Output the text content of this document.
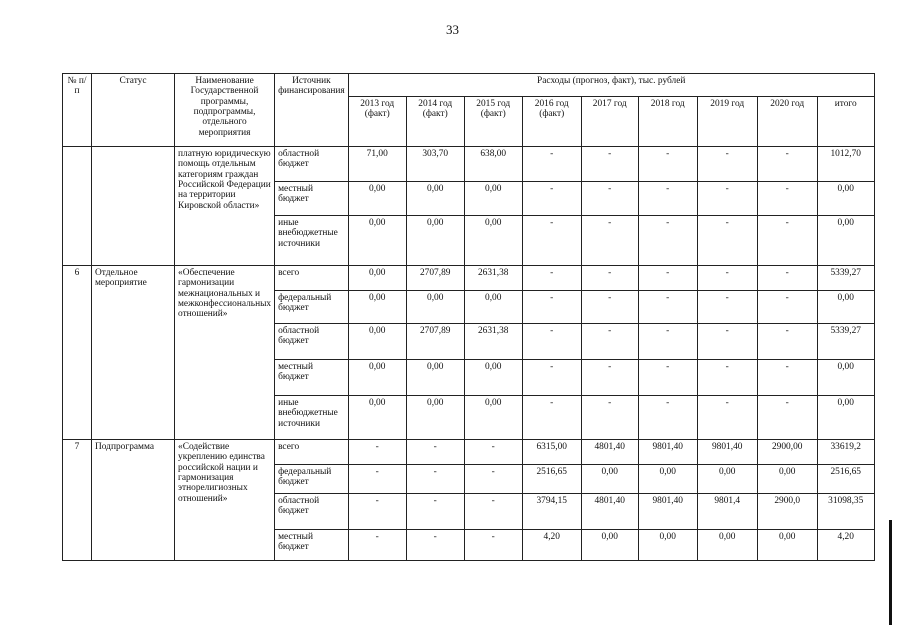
33
№ п/п	Статус	Наименование Государственной программы, подпрограммы, отдельного мероприятия	Источник финансирования	Расходы (прогноз, факт), тыс. рублей								
				2013 год (факт)	2014 год (факт)	2015 год (факт)	2016 год (факт)	2017 год	2018 год	2019 год	2020 год	итого
		платную юридическую помощь отдельным категориям граждан Российской Федерации на территории Кировской области»	областной бюджет	71,00	303,70	638,00	-	-	-	-	-	1012,70
			местный бюджет	0,00	0,00	0,00	-	-	-	-	-	0,00
			иные внебюджетные источники	0,00	0,00	0,00	-	-	-	-	-	0,00
6	Отдельное мероприятие	«Обеспечение гармонизации межнациональных и межконфессиональных отношений»	всего	0,00	2707,89	2631,38	-	-	-	-	-	5339,27
			федеральный бюджет	0,00	0,00	0,00	-	-	-	-	-	0,00
			областной бюджет	0,00	2707,89	2631,38	-	-	-	-	-	5339,27
			местный бюджет	0,00	0,00	0,00	-	-	-	-	-	0,00
			иные внебюджетные источники	0,00	0,00	0,00	-	-	-	-	-	0,00
7	Подпрограмма	«Содействие укреплению единства российской нации и гармонизация этнорелигиозных отношений»	всего	-	-	-	6315,00	4801,40	9801,40	9801,40	2900,00	33619,2
			федеральный бюджет	-	-	-	2516,65	0,00	0,00	0,00	0,00	2516,65
			областной бюджет	-	-	-	3794,15	4801,40	9801,40	9801,4	2900,0	31098,35
			местный бюджет	-	-	-	4,20	0,00	0,00	0,00	0,00	4,20
